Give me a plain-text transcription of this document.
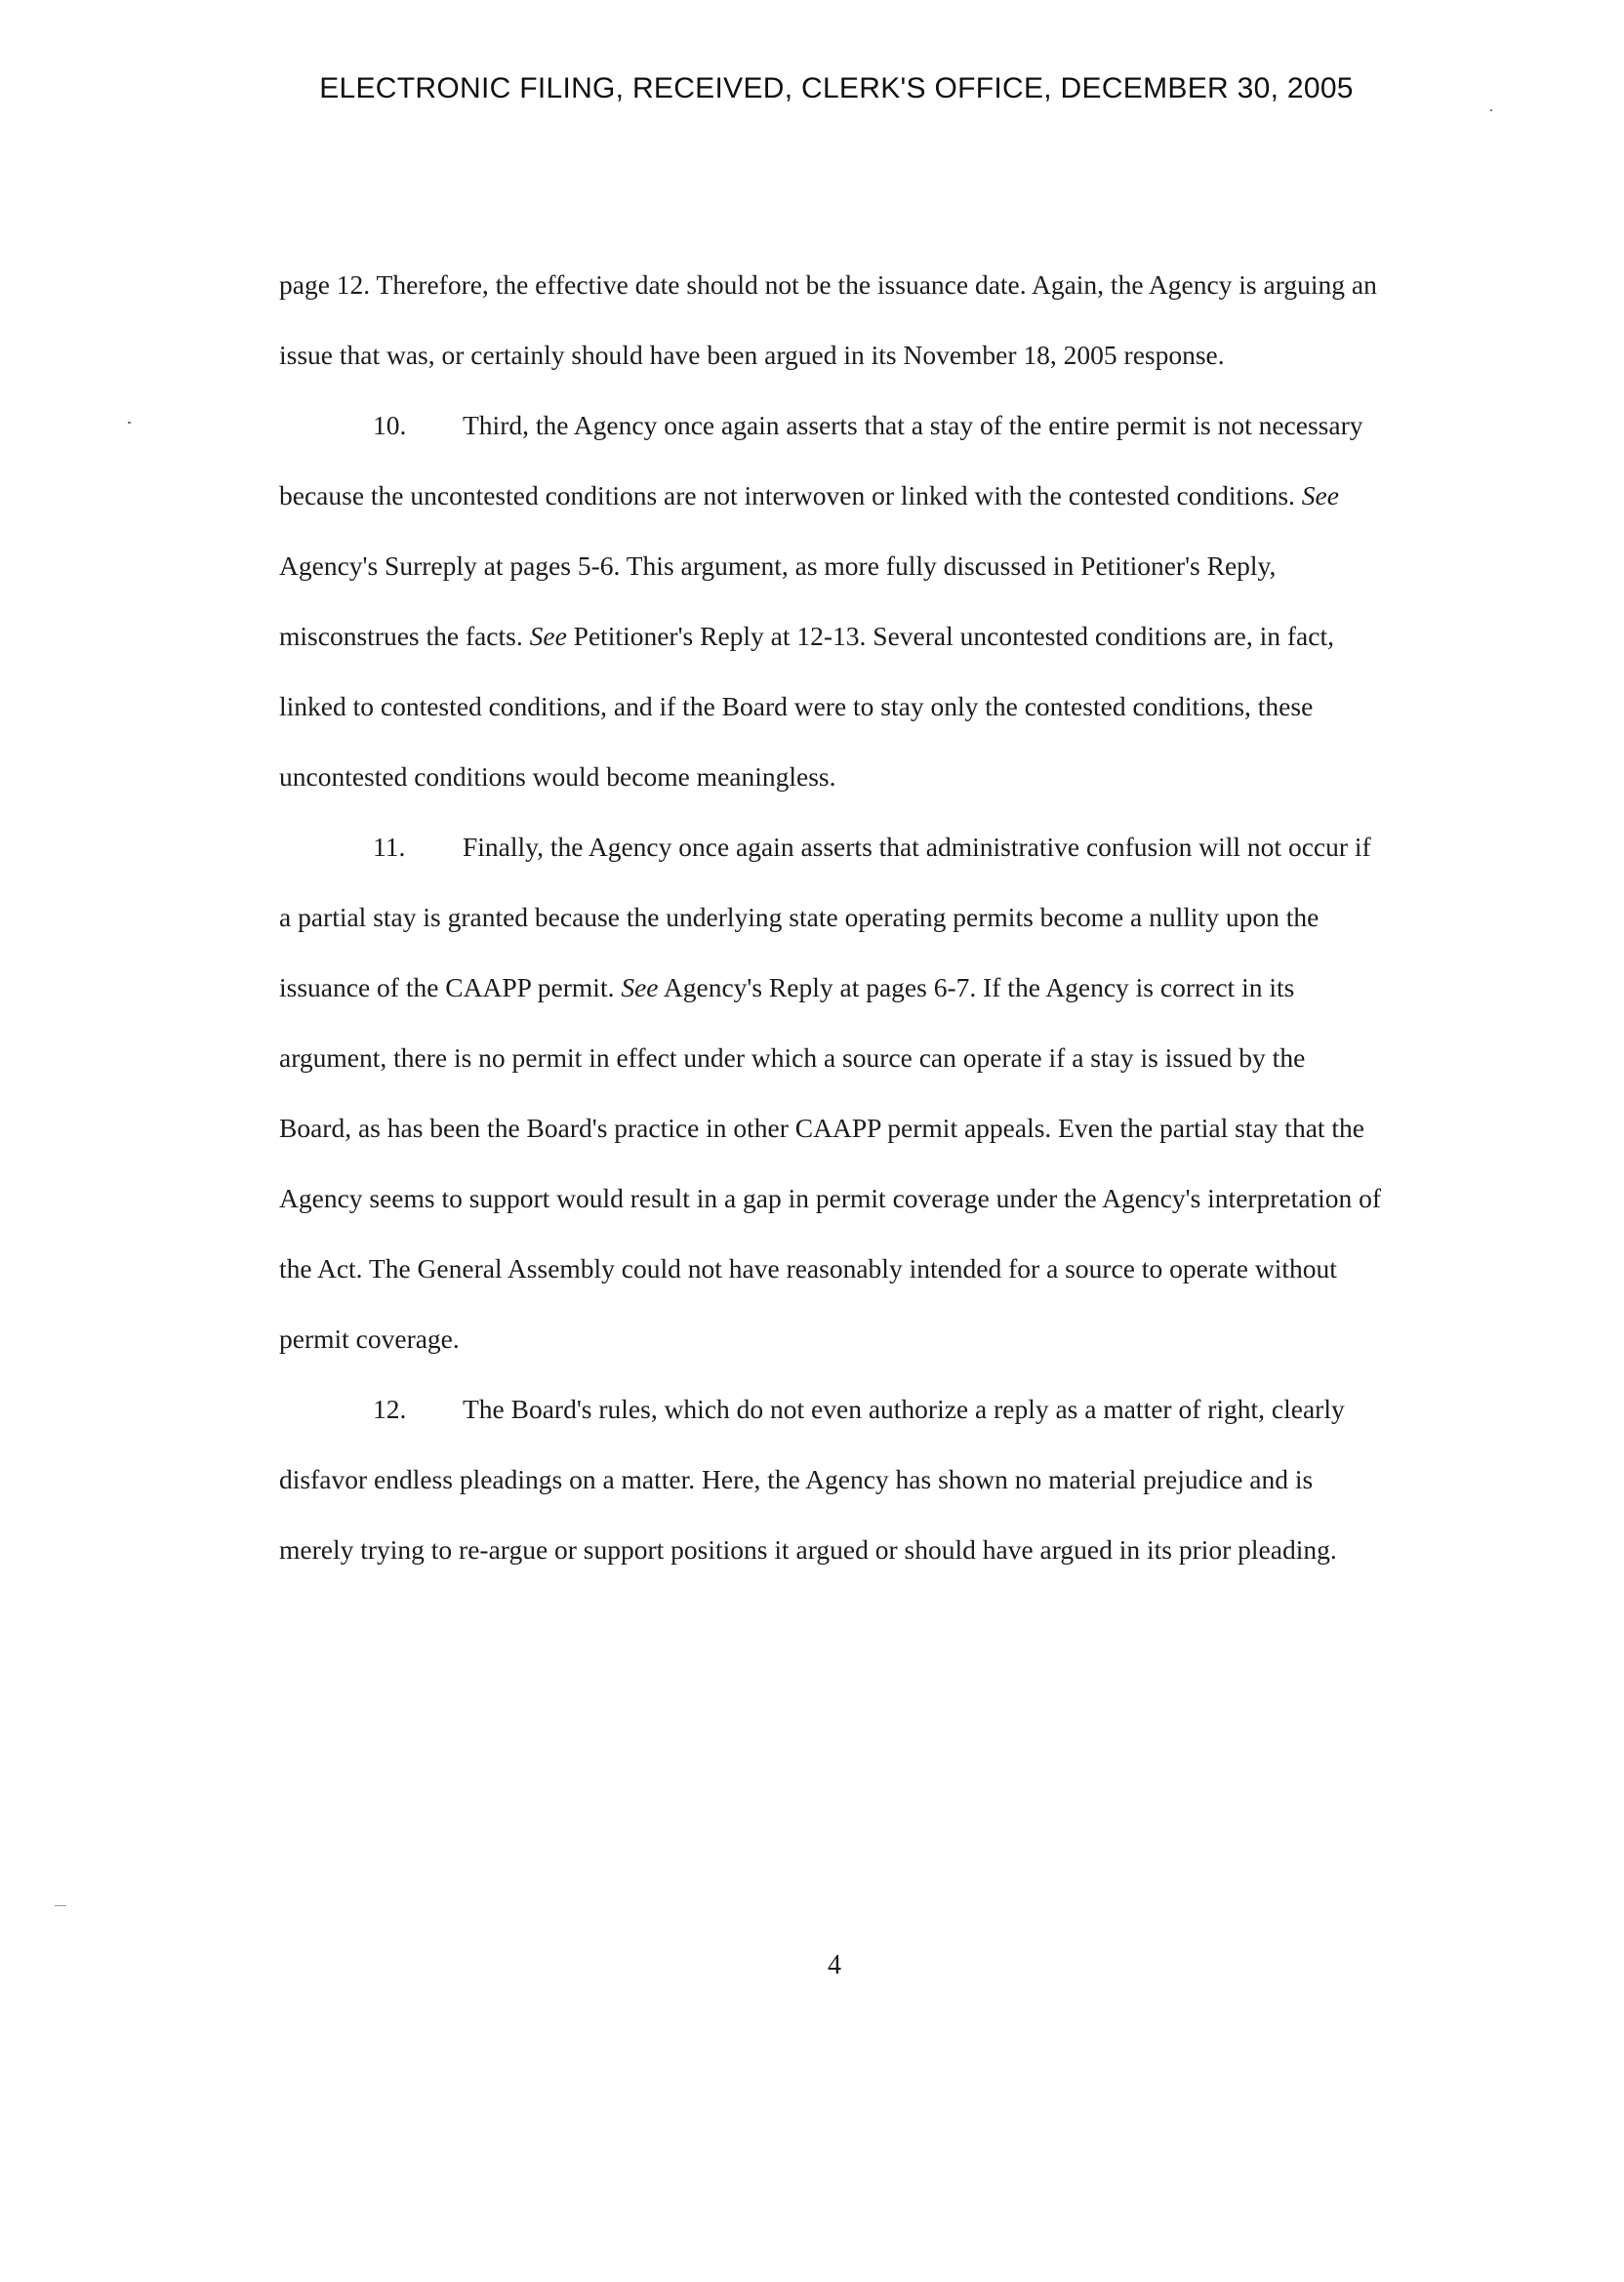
ELECTRONIC FILING, RECEIVED, CLERK'S OFFICE, DECEMBER 30, 2005

page 12. Therefore, the effective date should not be the issuance date. Again, the Agency is arguing an issue that was, or certainly should have been argued in its November 18, 2005 response.

10. Third, the Agency once again asserts that a stay of the entire permit is not necessary because the uncontested conditions are not interwoven or linked with the contested conditions. See Agency's Surreply at pages 5-6. This argument, as more fully discussed in Petitioner's Reply, misconstrues the facts. See Petitioner's Reply at 12-13. Several uncontested conditions are, in fact, linked to contested conditions, and if the Board were to stay only the contested conditions, these uncontested conditions would become meaningless.

11. Finally, the Agency once again asserts that administrative confusion will not occur if a partial stay is granted because the underlying state operating permits become a nullity upon the issuance of the CAAPP permit. See Agency's Reply at pages 6-7. If the Agency is correct in its argument, there is no permit in effect under which a source can operate if a stay is issued by the Board, as has been the Board's practice in other CAAPP permit appeals. Even the partial stay that the Agency seems to support would result in a gap in permit coverage under the Agency's interpretation of the Act. The General Assembly could not have reasonably intended for a source to operate without permit coverage.

12. The Board's rules, which do not even authorize a reply as a matter of right, clearly disfavor endless pleadings on a matter. Here, the Agency has shown no material prejudice and is merely trying to re-argue or support positions it argued or should have argued in its prior pleading.

4
